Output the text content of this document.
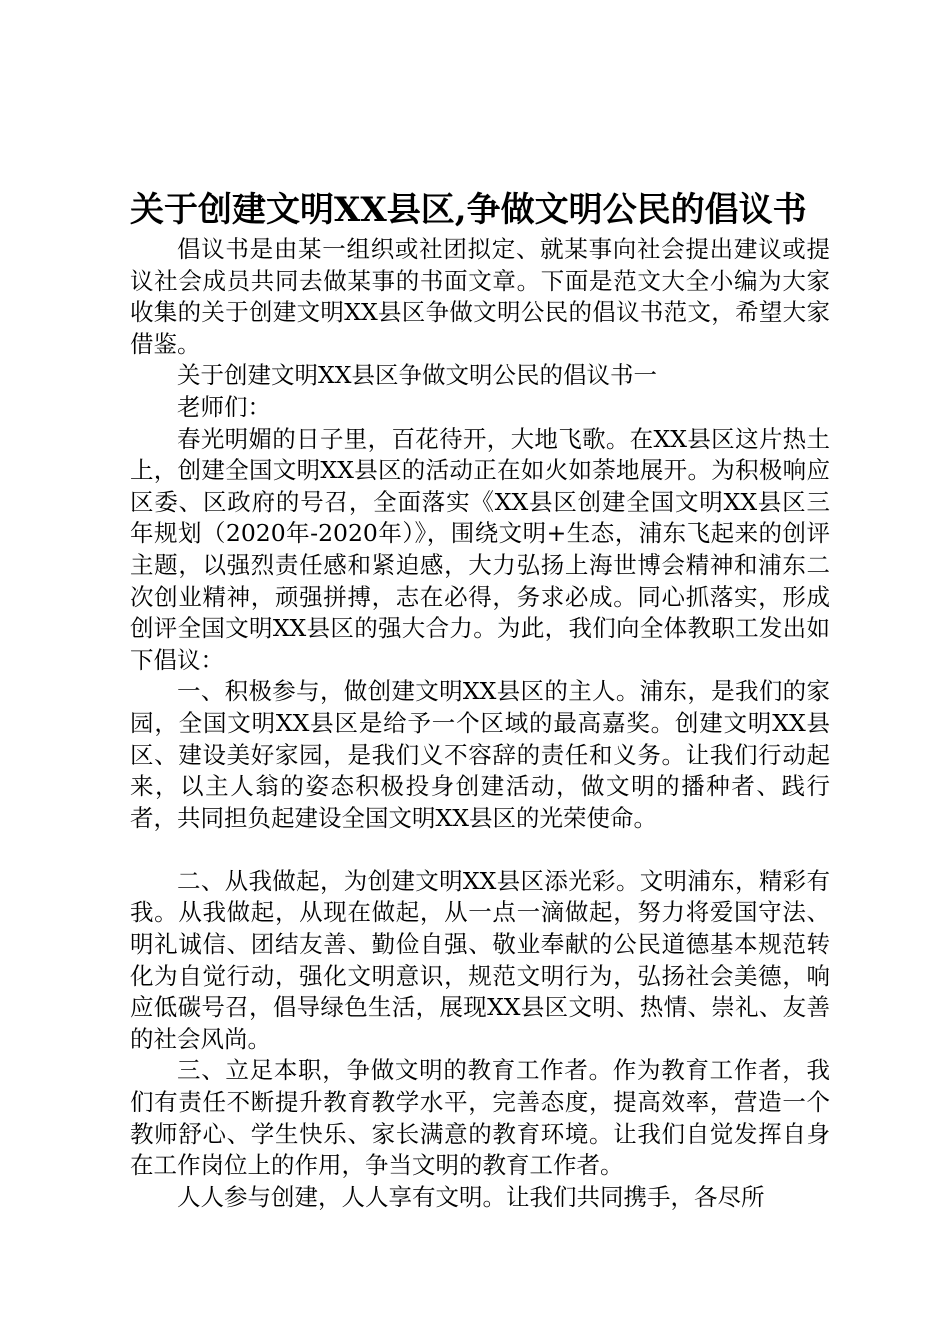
关于创建文明XX县区,争做文明公民的倡议书

倡议书是由某一组织或社团拟定、就某事向社会提出建议或提议社会成员共同去做某事的书面文章。下面是范文大全小编为大家收集的关于创建文明XX县区争做文明公民的倡议书范文，希望大家借鉴。

关于创建文明XX县区争做文明公民的倡议书一

老师们：

春光明媚的日子里，百花待开，大地飞歌。在XX县区这片热土上，创建全国文明XX县区的活动正在如火如荼地展开。为积极响应区委、区政府的号召，全面落实《XX县区创建全国文明XX县区三年规划（2020年-2020年）》，围绕文明+生态，浦东飞起来的创评主题，以强烈责任感和紧迫感，大力弘扬上海世博会精神和浦东二次创业精神，顽强拼搏，志在必得，务求必成。同心抓落实，形成创评全国文明XX县区的强大合力。为此，我们向全体教职工发出如下倡议：

一、积极参与，做创建文明XX县区的主人。浦东，是我们的家园，全国文明XX县区是给予一个区域的最高嘉奖。创建文明XX县区、建设美好家园，是我们义不容辞的责任和义务。让我们行动起来，以主人翁的姿态积极投身创建活动，做文明的播种者、践行者，共同担负起建设全国文明XX县区的光荣使命。

二、从我做起，为创建文明XX县区添光彩。文明浦东，精彩有我。从我做起，从现在做起，从一点一滴做起，努力将爱国守法、明礼诚信、团结友善、勤俭自强、敬业奉献的公民道德基本规范转化为自觉行动，强化文明意识，规范文明行为，弘扬社会美德，响应低碳号召，倡导绿色生活，展现XX县区文明、热情、崇礼、友善的社会风尚。

三、立足本职，争做文明的教育工作者。作为教育工作者，我们有责任不断提升教育教学水平，完善态度，提高效率，营造一个教师舒心、学生快乐、家长满意的教育环境。让我们自觉发挥自身在工作岗位上的作用，争当文明的教育工作者。

人人参与创建，人人享有文明。让我们共同携手，各尽所
